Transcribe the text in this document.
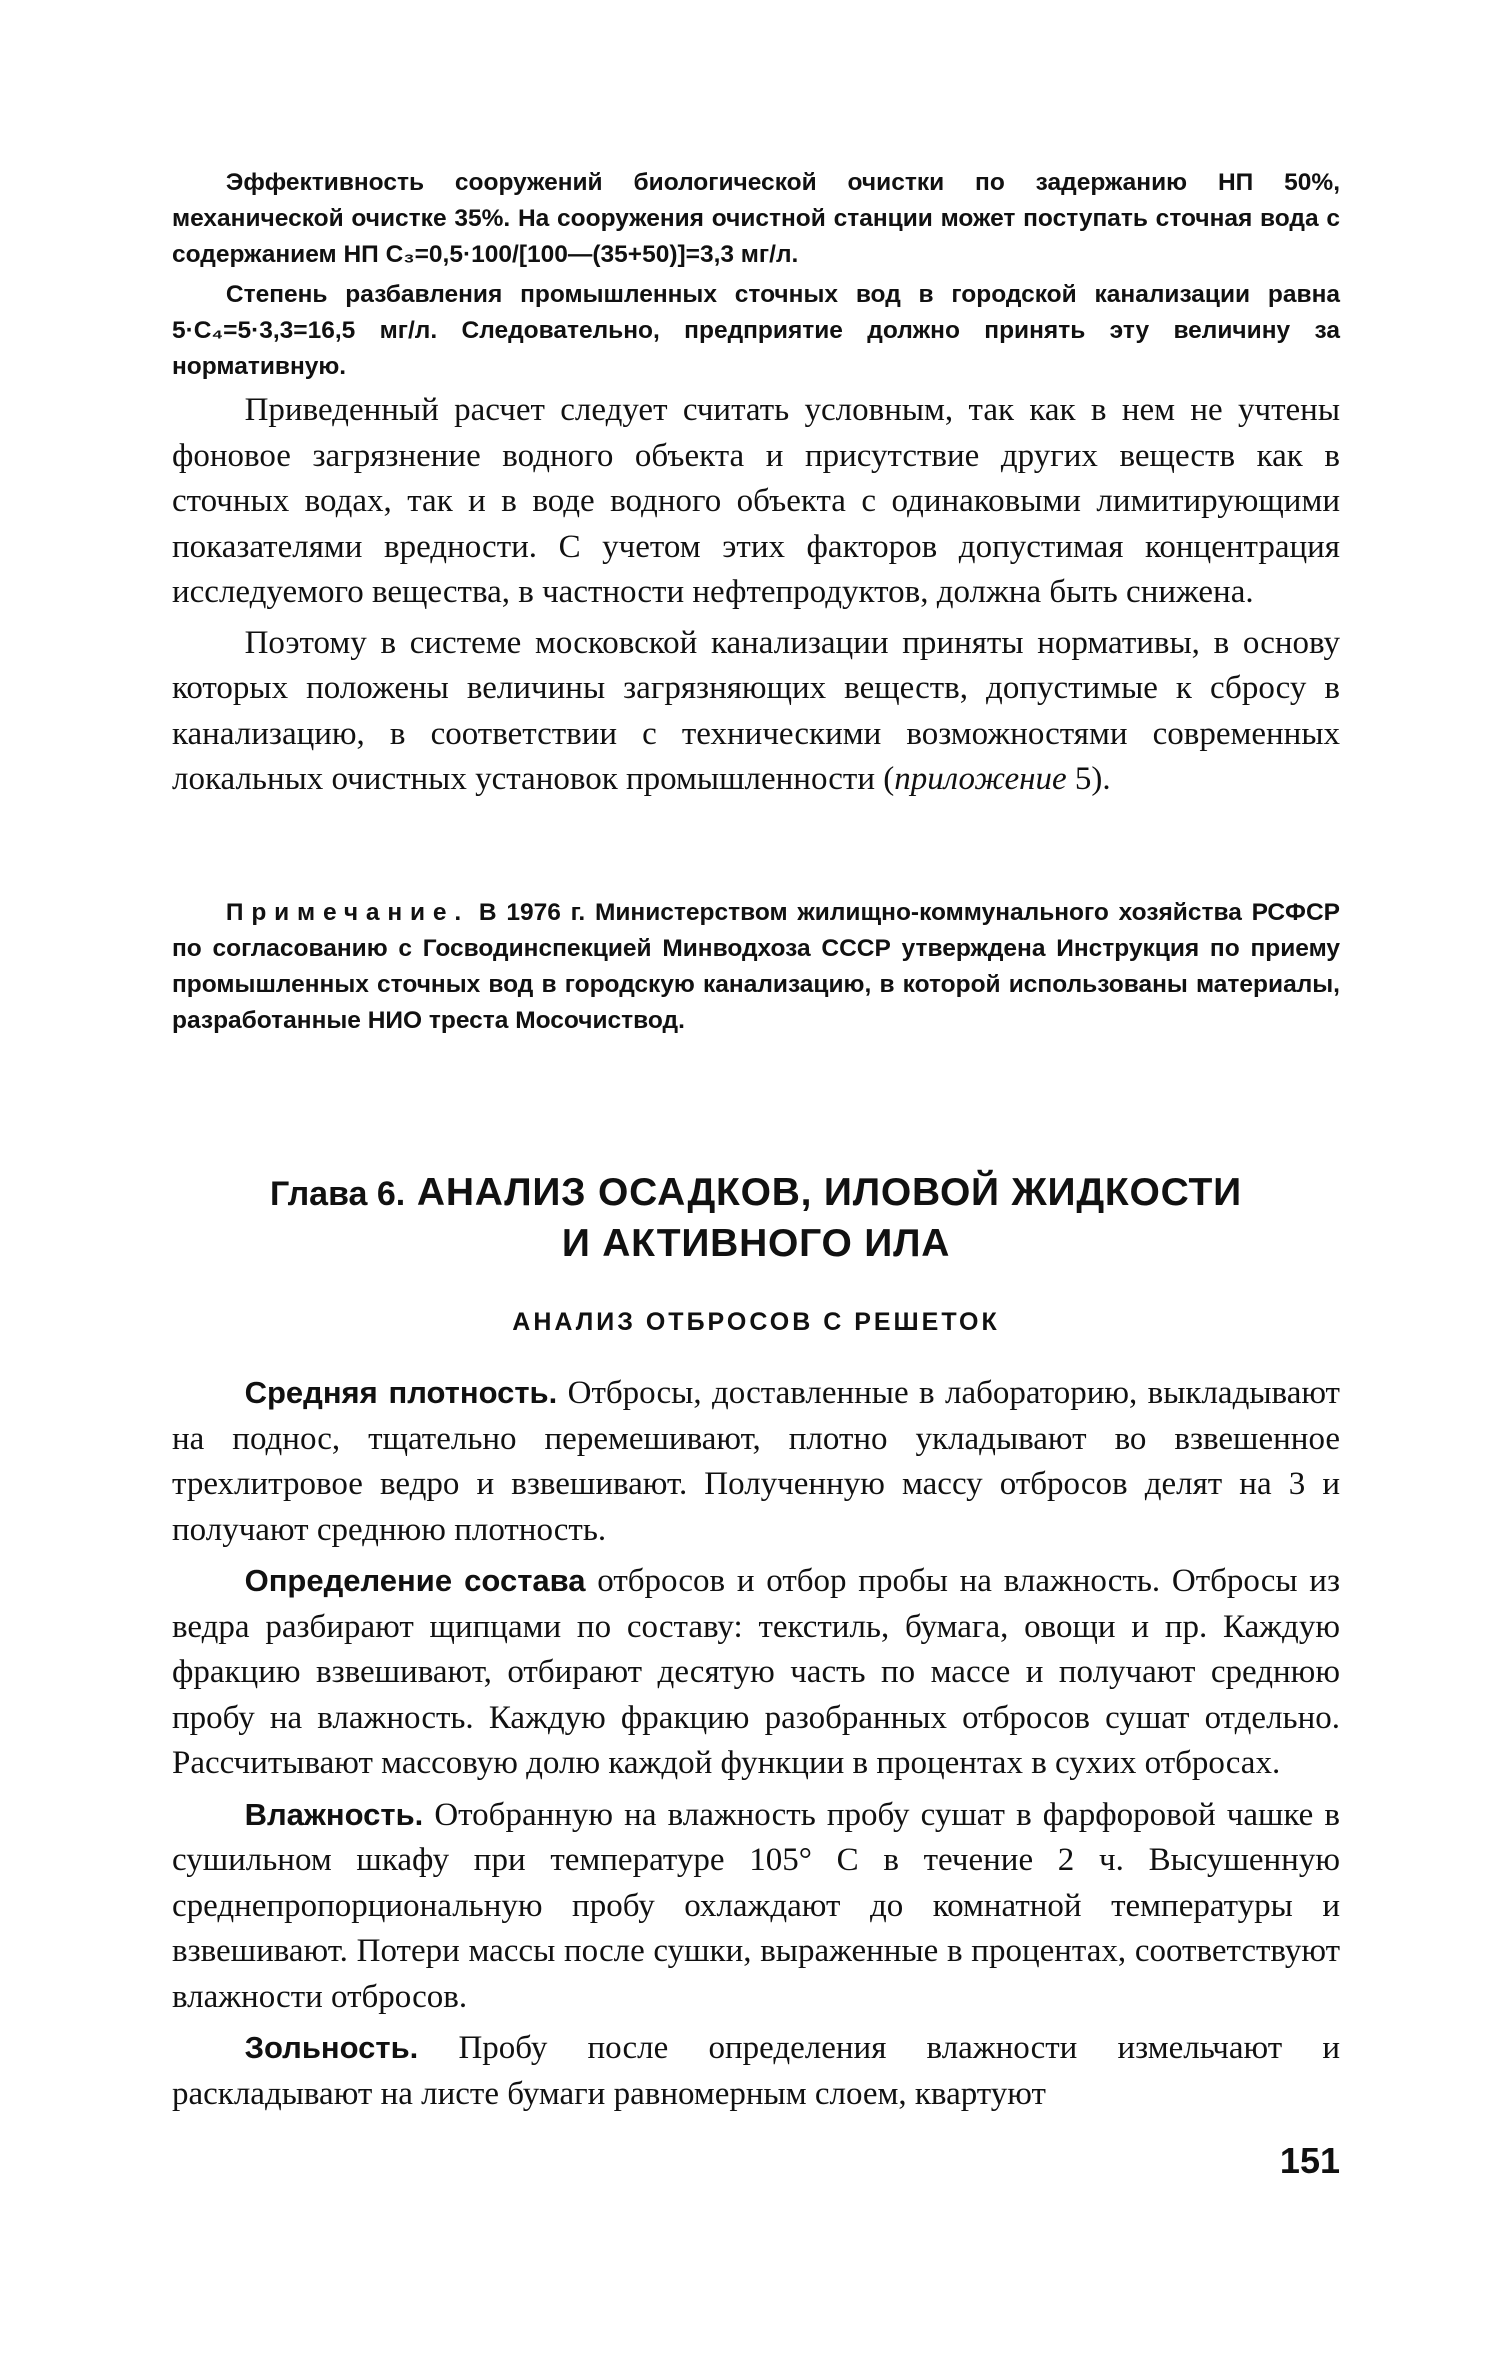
Эффективность сооружений биологической очистки по задержанию НП 50%, механической очистке 35%. На сооружения очистной станции может поступать сточная вода с содержанием НП C₃=0,5·100/[100—(35+50)]=3,3 мг/л.

Степень разбавления промышленных сточных вод в городской канализации равна 5·C₄=5·3,3=16,5 мг/л. Следовательно, предприятие должно принять эту величину за нормативную.

Приведенный расчет следует считать условным, так как в нем не учтены фоновое загрязнение водного объекта и присутствие других веществ как в сточных водах, так и в воде водного объекта с одинаковыми лимитирующими показателями вредности. С учетом этих факторов допустимая концентрация исследуемого вещества, в частности нефтепродуктов, должна быть снижена.

Поэтому в системе московской канализации приняты нормативы, в основу которых положены величины загрязняющих веществ, допустимые к сбросу в канализацию, в соответствии с техническими возможностями современных локальных очистных установок промышленности (приложение 5).

Примечание. В 1976 г. Министерством жилищно-коммунального хозяйства РСФСР по согласованию с Госводинспекцией Минводхоза СССР утверждена Инструкция по приему промышленных сточных вод в городскую канализацию, в которой использованы материалы, разработанные НИО треста Мосочиствод.

Глава 6. АНАЛИЗ ОСАДКОВ, ИЛОВОЙ ЖИДКОСТИ
И АКТИВНОГО ИЛА
АНАЛИЗ ОТБРОСОВ С РЕШЕТОК

Средняя плотность. Отбросы, доставленные в лабораторию, выкладывают на поднос, тщательно перемешивают, плотно укладывают во взвешенное трехлитровое ведро и взвешивают. Полученную массу отбросов делят на 3 и получают среднюю плотность.

Определение состава отбросов и отбор пробы на влажность. Отбросы из ведра разбирают щипцами по составу: текстиль, бумага, овощи и пр. Каждую фракцию взвешивают, отбирают десятую часть по массе и получают среднюю пробу на влажность. Каждую фракцию разобранных отбросов сушат отдельно. Рассчитывают массовую долю каждой функции в процентах в сухих отбросах.

Влажность. Отобранную на влажность пробу сушат в фарфоровой чашке в сушильном шкафу при температуре 105° С в течение 2 ч. Высушенную среднепропорциональную пробу охлаждают до комнатной температуры и взвешивают. Потери массы после сушки, выраженные в процентах, соответствуют влажности отбросов.

Зольность. Пробу после определения влажности измельчают и раскладывают на листе бумаги равномерным слоем, квартуют

151
